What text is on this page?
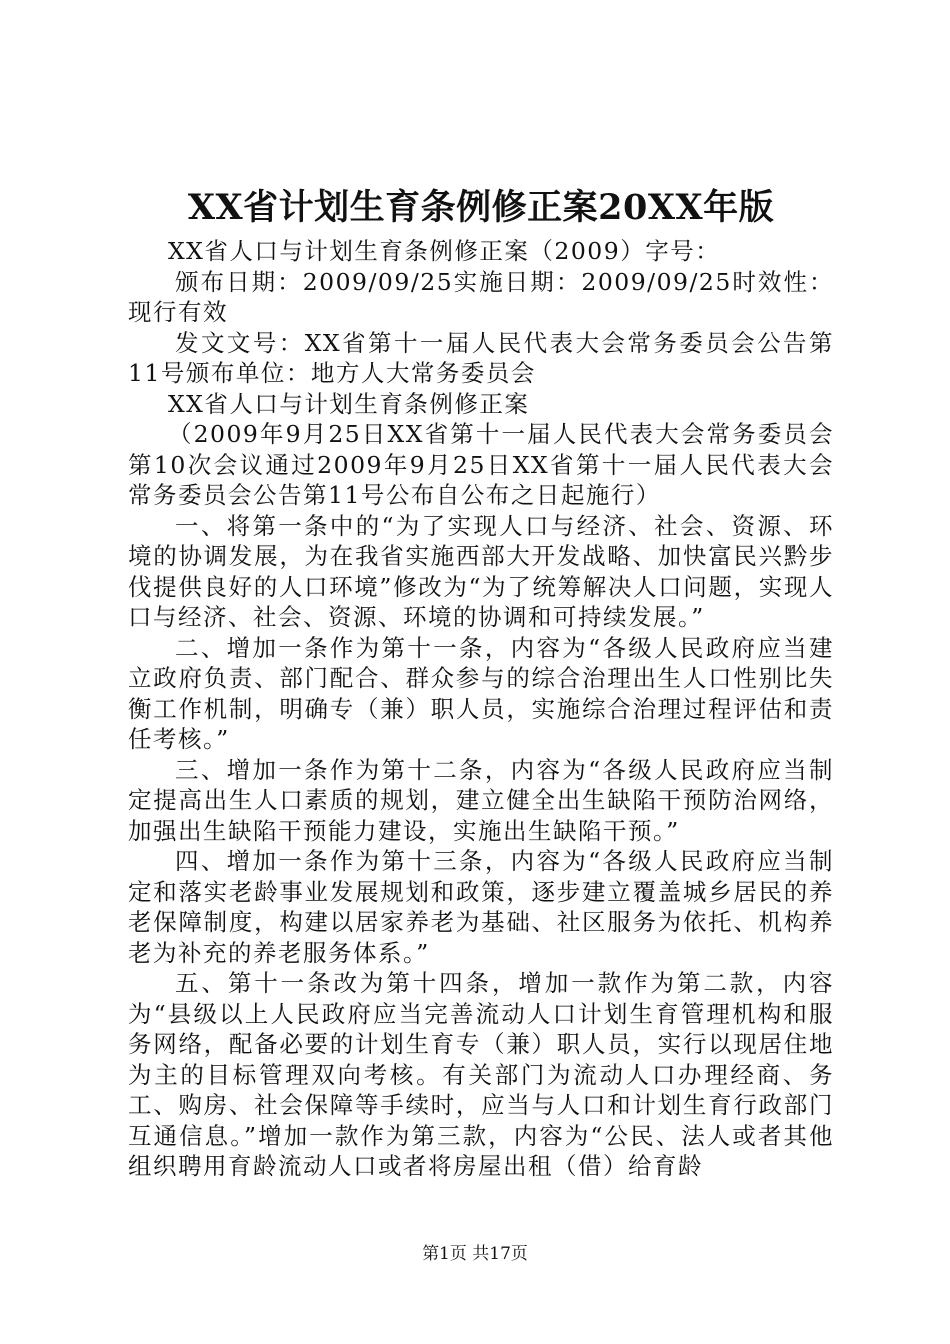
XX省计划生育条例修正案20XX年版

XX省人口与计划生育条例修正案（2009）字号：

颁布日期：2009/09/25实施日期：2009/09/25时效性：现行有效

发文文号：XX省第十一届人民代表大会常务委员会公告第11号颁布单位：地方人大常务委员会

XX省人口与计划生育条例修正案

（2009年9月25日XX省第十一届人民代表大会常务委员会第10次会议通过2009年9月25日XX省第十一届人民代表大会常务委员会公告第11号公布自公布之日起施行）

一、将第一条中的“为了实现人口与经济、社会、资源、环境的协调发展，为在我省实施西部大开发战略、加快富民兴黔步伐提供良好的人口环境”修改为“为了统筹解决人口问题，实现人口与经济、社会、资源、环境的协调和可持续发展。”

二、增加一条作为第十一条，内容为“各级人民政府应当建立政府负责、部门配合、群众参与的综合治理出生人口性别比失衡工作机制，明确专（兼）职人员，实施综合治理过程评估和责任考核。”

三、增加一条作为第十二条，内容为“各级人民政府应当制定提高出生人口素质的规划，建立健全出生缺陷干预防治网络，加强出生缺陷干预能力建设，实施出生缺陷干预。”

四、增加一条作为第十三条，内容为“各级人民政府应当制定和落实老龄事业发展规划和政策，逐步建立覆盖城乡居民的养老保障制度，构建以居家养老为基础、社区服务为依托、机构养老为补充的养老服务体系。”

五、第十一条改为第十四条，增加一款作为第二款，内容为“县级以上人民政府应当完善流动人口计划生育管理机构和服务网络，配备必要的计划生育专（兼）职人员，实行以现居住地为主的目标管理双向考核。有关部门为流动人口办理经商、务工、购房、社会保障等手续时，应当与人口和计划生育行政部门互通信息。”增加一款作为第三款，内容为“公民、法人或者其他组织聘用育龄流动人口或者将房屋出租（借）给育龄

第1页 共17页
